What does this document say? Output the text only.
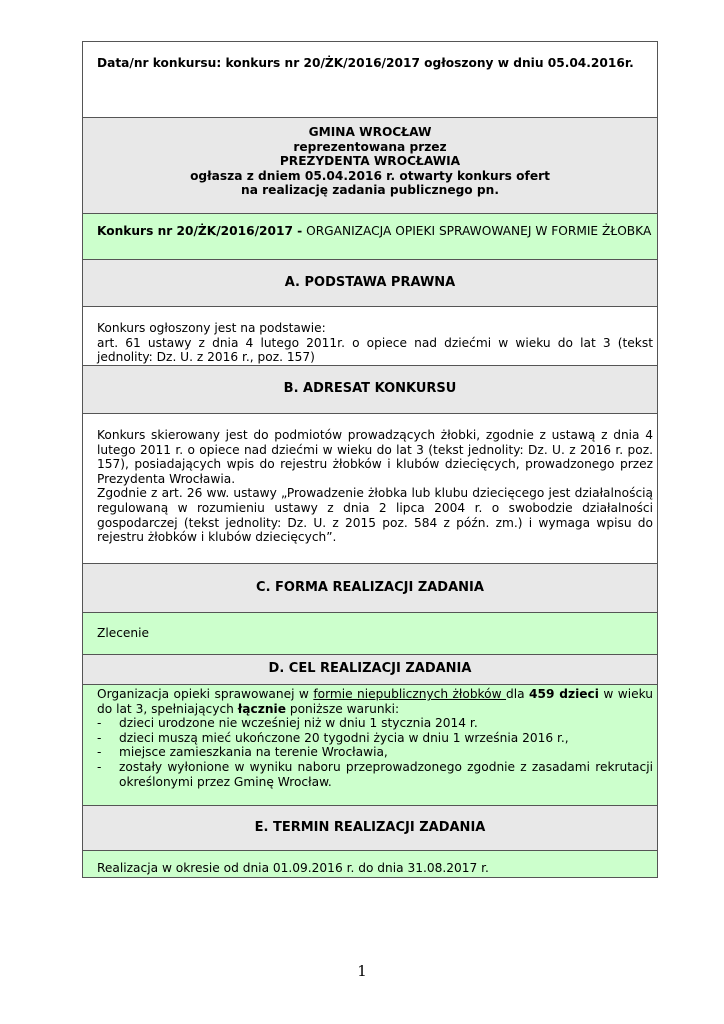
Data/nr konkursu: konkurs nr 20/ŻK/2016/2017 ogłoszony w dniu 05.04.2016r.

GMINA WROCŁAW

reprezentowana przez

PREZYDENTA WROCŁAWIA

ogłasza z dniem 05.04.2016 r. otwarty konkurs ofert

na realizację zadania publicznego pn.

Konkurs nr 20/ŻK/2016/2017 - ORGANIZACJA OPIEKI SPRAWOWANEJ W FORMIE ŻŁOBKA

A. PODSTAWA PRAWNA

Konkurs ogłoszony jest na podstawie:

art. 61 ustawy z dnia 4 lutego 2011r. o opiece nad dziećmi w wieku do lat 3 (tekst jednolity: Dz. U. z 2016 r., poz. 157)

B. ADRESAT KONKURSU

Konkurs skierowany jest do podmiotów prowadzących żłobki, zgodnie z ustawą z dnia 4 lutego 2011 r. o opiece nad dziećmi w wieku do lat 3 (tekst jednolity: Dz. U. z 2016 r. poz. 157), posiadających wpis do rejestru żłobków i klubów dziecięcych, prowadzonego przez Prezydenta Wrocławia.

Zgodnie z art. 26 ww. ustawy „Prowadzenie żłobka lub klubu dziecięcego jest działalnością regulowaną w rozumieniu ustawy z dnia 2 lipca 2004 r. o swobodzie działalności gospodarczej (tekst jednolity: Dz. U. z 2015 poz. 584 z późn. zm.) i wymaga wpisu do rejestru żłobków i klubów dziecięcych”.

C. FORMA REALIZACJI ZADANIA

Zlecenie

D. CEL REALIZACJI ZADANIA

Organizacja opieki sprawowanej w formie niepublicznych żłobków dla 459 dzieci w wieku do lat 3, spełniających łącznie poniższe warunki:

- dzieci urodzone nie wcześniej niż w dniu 1 stycznia 2014 r.
- dzieci muszą mieć ukończone 20 tygodni życia w dniu 1 września 2016 r.,
- miejsce zamieszkania na terenie Wrocławia,
- zostały wyłonione w wyniku naboru przeprowadzonego zgodnie z zasadami rekrutacji określonymi przez Gminę Wrocław.
E. TERMIN REALIZACJI ZADANIA

Realizacja w okresie od dnia 01.09.2016 r. do dnia 31.08.2017 r.

1
